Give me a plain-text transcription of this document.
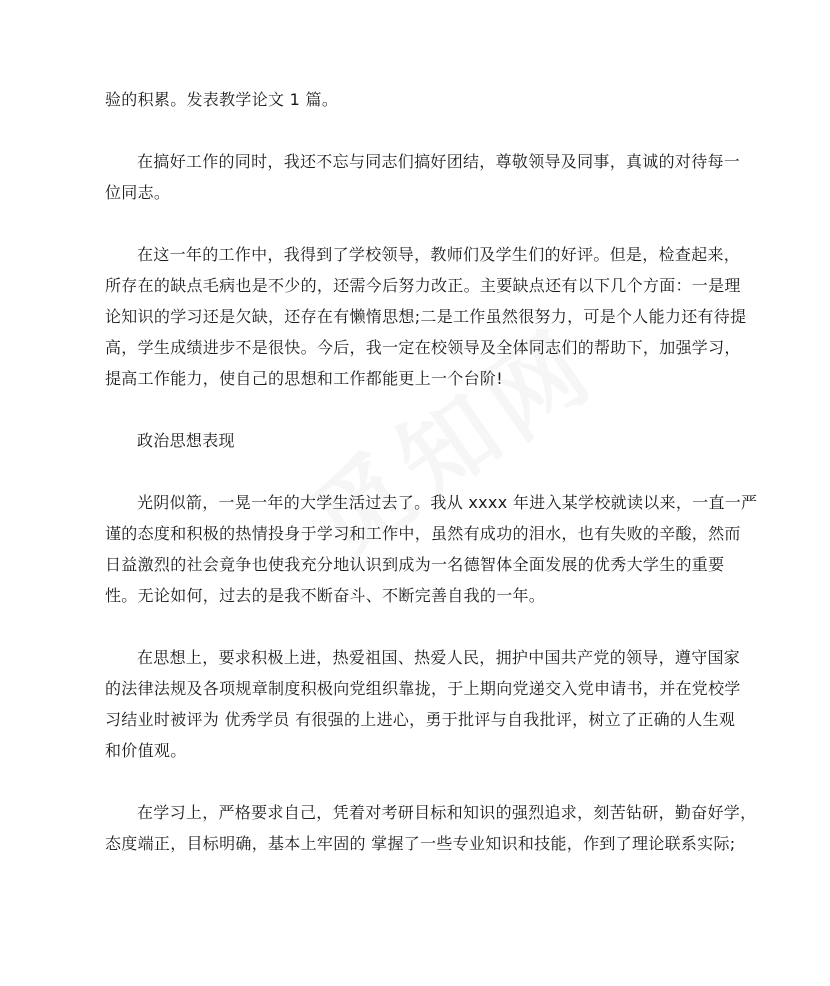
验的积累。发表教学论文 1 篇。
在搞好工作的同时，我还不忘与同志们搞好团结，尊敬领导及同事，真诚的对待每一
位同志。
在这一年的工作中，我得到了学校领导，教师们及学生们的好评。但是，检查起来，
所存在的缺点毛病也是不少的，还需今后努力改正。主要缺点还有以下几个方面：一是理
论知识的学习还是欠缺，还存在有懒惰思想;二是工作虽然很努力，可是个人能力还有待提
高，学生成绩进步不是很快。今后，我一定在校领导及全体同志们的帮助下，加强学习，
提高工作能力，使自己的思想和工作都能更上一个台阶!
政治思想表现
光阴似箭，一晃一年的大学生活过去了。我从 xxxx 年进入某学校就读以来，一直一严
谨的态度和积极的热情投身于学习和工作中，虽然有成功的泪水，也有失败的辛酸，然而
日益激烈的社会竟争也使我充分地认识到成为一名德智体全面发展的优秀大学生的重要
性。无论如何，过去的是我不断奋斗、不断完善自我的一年。
在思想上，要求积极上进，热爱祖国、热爱人民，拥护中国共产党的领导，遵守国家
的法律法规及各项规章制度积极向党组织靠拢，于上期向党递交入党申请书，并在党校学
习结业时被评为 优秀学员 有很强的上进心，勇于批评与自我批评，树立了正确的人生观
和价值观。
在学习上，严格要求自己，凭着对考研目标和知识的强烈追求，刻苦钻研，勤奋好学，
态度端正，目标明确，基本上牢固的 掌握了一些专业知识和技能，作到了理论联系实际;
